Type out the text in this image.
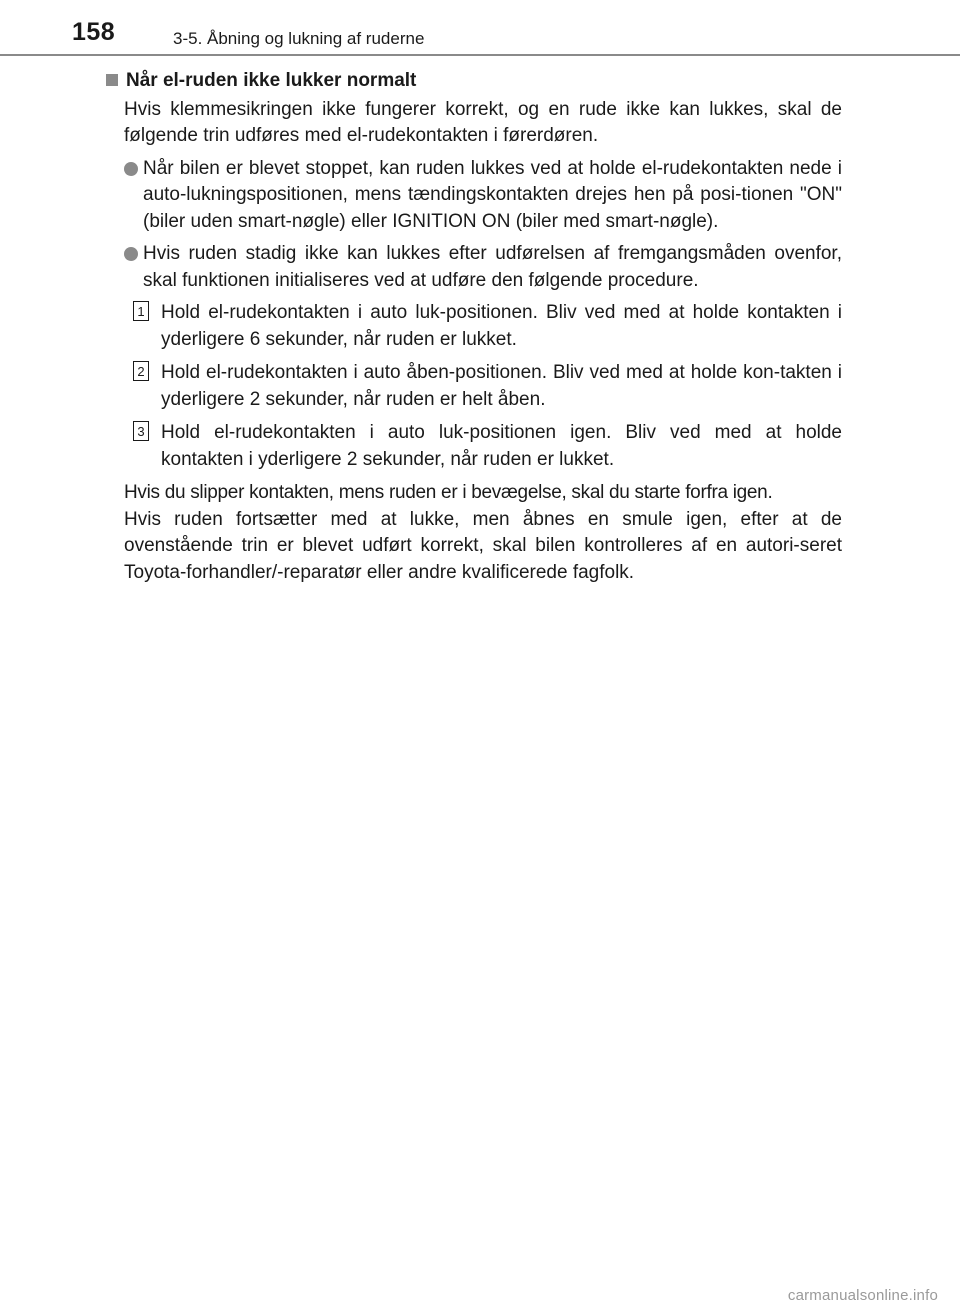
158	3-5. Åbning og lukning af ruderne
Når el-ruden ikke lukker normalt

Hvis klemmesikringen ikke fungerer korrekt, og en rude ikke kan lukkes, skal de følgende trin udføres med el-rudekontakten i førerdøren.

Når bilen er blevet stoppet, kan ruden lukkes ved at holde el-rudekontakten nede i auto-lukningspositionen, mens tændingskontakten drejes hen på posi-tionen "ON" (biler uden smart-nøgle) eller IGNITION ON (biler med smart-nøgle).
Hvis ruden stadig ikke kan lukkes efter udførelsen af fremgangsmåden ovenfor, skal funktionen initialiseres ved at udføre den følgende procedure.
1 Hold el-rudekontakten i auto luk-positionen. Bliv ved med at holde kontakten i yderligere 6 sekunder, når ruden er lukket.
2 Hold el-rudekontakten i auto åben-positionen. Bliv ved med at holde kon-takten i yderligere 2 sekunder, når ruden er helt åben.
3 Hold el-rudekontakten i auto luk-positionen igen. Bliv ved med at holde kontakten i yderligere 2 sekunder, når ruden er lukket.
Hvis du slipper kontakten, mens ruden er i bevægelse, skal du starte forfra igen.
Hvis ruden fortsætter med at lukke, men åbnes en smule igen, efter at de ovenstående trin er blevet udført korrekt, skal bilen kontrolleres af en autori-seret Toyota-forhandler/-reparatør eller andre kvalificerede fagfolk.
carmanualsonline.info
